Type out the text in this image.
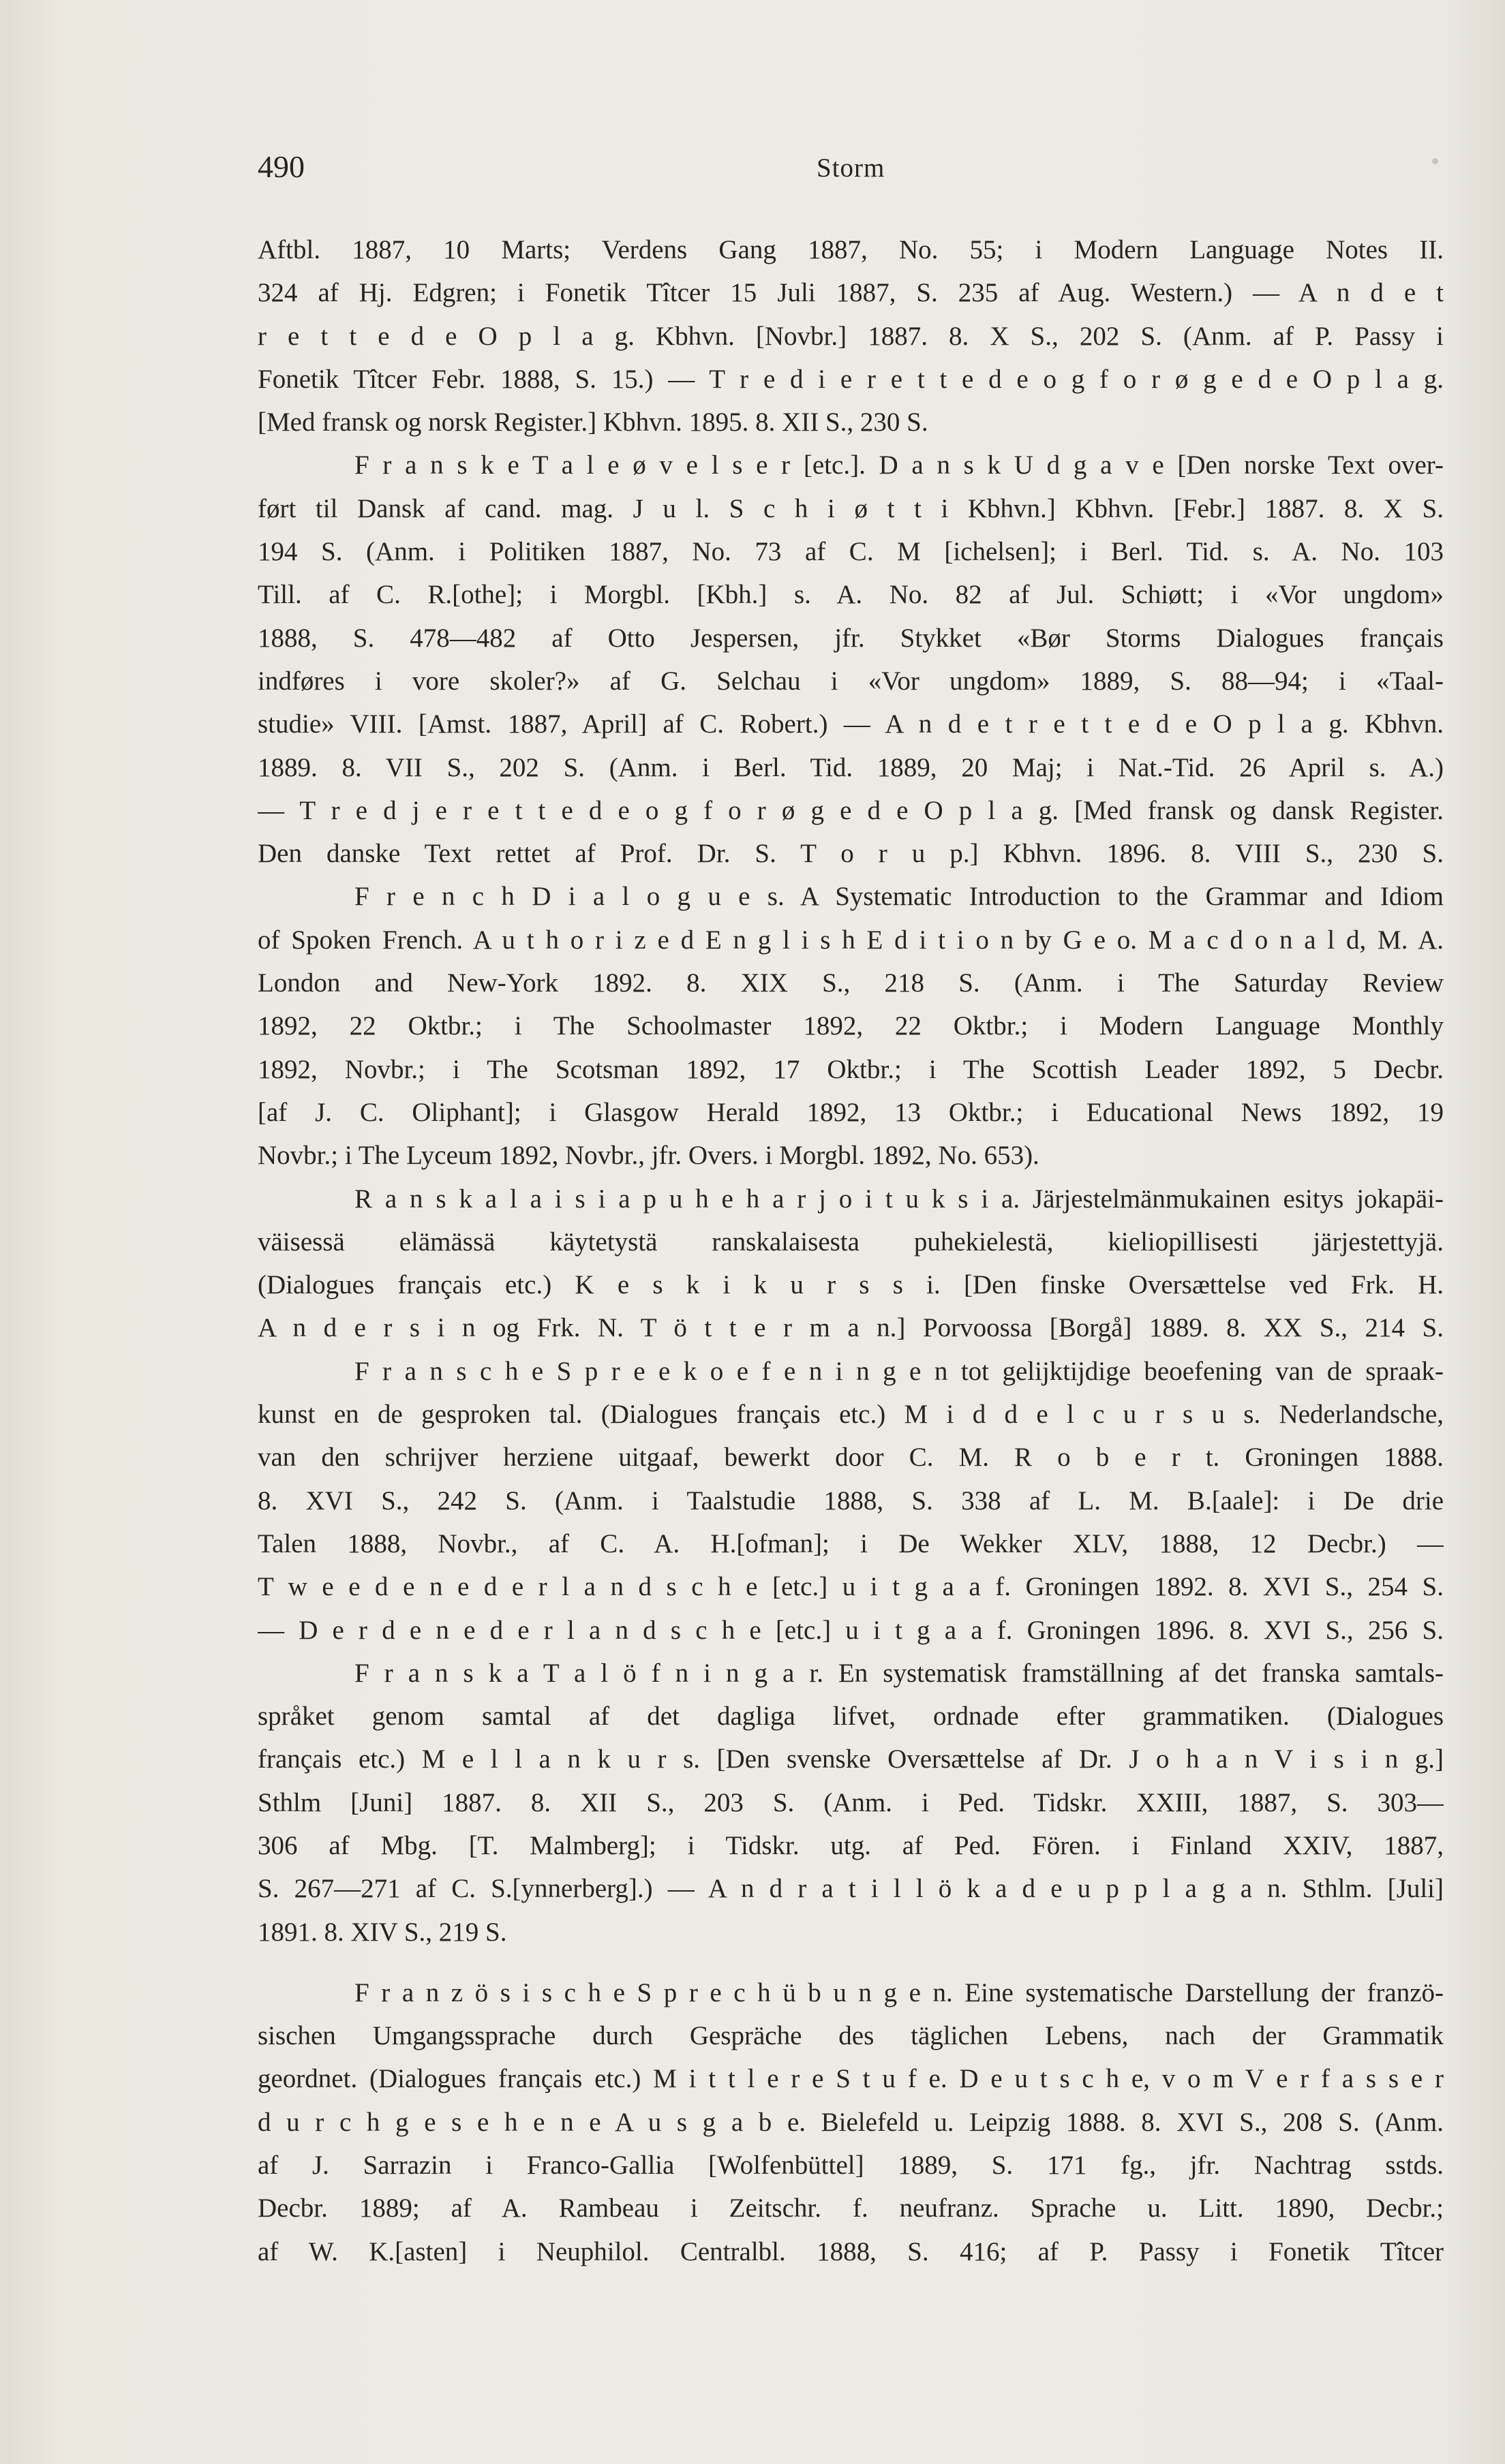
490	Storm
Aftbl. 1887, 10 Marts; Verdens Gang 1887, No. 55; i Modern Language Notes II.
324 af Hj. Edgren; i Fonetik Tîtcer 15 Juli 1887, S. 235 af Aug. Western.) — A n d e t
r e t t e d e O p l a g. Kbhvn. [Novbr.] 1887. 8. X S., 202 S. (Anm. af P. Passy i
Fonetik Tîtcer Febr. 1888, S. 15.) — T r e d i e r e t t e d e o g f o r ø g e d e O p l a g.
[Med fransk og norsk Register.] Kbhvn. 1895. 8. XII S., 230 S.
F r a n s k e T a l e ø v e l s e r [etc.]. D a n s k U d g a v e [Den norske Text over-
ført til Dansk af cand. mag. J u l. S c h i ø t t i Kbhvn.] Kbhvn. [Febr.] 1887. 8. X S.
194 S. (Anm. i Politiken 1887, No. 73 af C. M [ichelsen]; i Berl. Tid. s. A. No. 103
Till. af C. R.[othe]; i Morgbl. [Kbh.] s. A. No. 82 af Jul. Schiøtt; i «Vor ungdom»
1888, S. 478—482 af Otto Jespersen, jfr. Stykket «Bør Storms Dialogues français
indføres i vore skoler?» af G. Selchau i «Vor ungdom» 1889, S. 88—94; i «Taal-
studie» VIII. [Amst. 1887, April] af C. Robert.) — A n d e t r e t t e d e O p l a g. Kbhvn.
1889. 8. VII S., 202 S. (Anm. i Berl. Tid. 1889, 20 Maj; i Nat.-Tid. 26 April s. A.)
— T r e d j e r e t t e d e o g f o r ø g e d e O p l a g. [Med fransk og dansk Register.
Den danske Text rettet af Prof. Dr. S. T o r u p.] Kbhvn. 1896. 8. VIII S., 230 S.
F r e n c h D i a l o g u e s. A Systematic Introduction to the Grammar and Idiom
of Spoken French. A u t h o r i z e d E n g l i s h E d i t i o n by G e o. M a c d o n a l d, M. A.
London and New-York 1892. 8. XIX S., 218 S. (Anm. i The Saturday Review
1892, 22 Oktbr.; i The Schoolmaster 1892, 22 Oktbr.; i Modern Language Monthly
1892, Novbr.; i The Scotsman 1892, 17 Oktbr.; i The Scottish Leader 1892, 5 Decbr.
[af J. C. Oliphant]; i Glasgow Herald 1892, 13 Oktbr.; i Educational News 1892, 19
Novbr.; i The Lyceum 1892, Novbr., jfr. Overs. i Morgbl. 1892, No. 653).
R a n s k a l a i s i a p u h e h a r j o i t u k s i a. Järjestelmänmukainen esitys jokapäi-
väisessä elämässä käytetystä ranskalaisesta puhekielestä, kieliopillisesti järjestettyjä.
(Dialogues français etc.) K e s k i k u r s s i. [Den finske Oversættelse ved Frk. H.
A n d e r s i n og Frk. N. T ö t t e r m a n.] Porvoossa [Borgå] 1889. 8. XX S., 214 S.
F r a n s c h e S p r e e k o e f e n i n g e n tot gelijktijdige beoefening van de spraak-
kunst en de gesproken tal. (Dialogues français etc.) M i d d e l c u r s u s. Nederlandsche,
van den schrijver herziene uitgaaf, bewerkt door C. M. R o b e r t. Groningen 1888.
8. XVI S., 242 S. (Anm. i Taalstudie 1888, S. 338 af L. M. B.[aale]: i De drie
Talen 1888, Novbr., af C. A. H.[ofman]; i De Wekker XLV, 1888, 12 Decbr.) —
T w e e d e n e d e r l a n d s c h e [etc.] u i t g a a f. Groningen 1892. 8. XVI S., 254 S.
— D e r d e n e d e r l a n d s c h e [etc.] u i t g a a f. Groningen 1896. 8. XVI S., 256 S.
F r a n s k a T a l ö f n i n g a r. En systematisk framställning af det franska samtals-
språket genom samtal af det dagliga lifvet, ordnade efter grammatiken. (Dialogues
français etc.) M e l l a n k u r s. [Den svenske Oversættelse af Dr. J o h a n V i s i n g.]
Sthlm [Juni] 1887. 8. XII S., 203 S. (Anm. i Ped. Tidskr. XXIII, 1887, S. 303—
306 af Mbg. [T. Malmberg]; i Tidskr. utg. af Ped. Fören. i Finland XXIV, 1887,
S. 267—271 af C. S.[ynnerberg].) — A n d r a t i l l ö k a d e u p p l a g a n. Sthlm. [Juli]
1891. 8. XIV S., 219 S.
F r a n z ö s i s c h e S p r e c h ü b u n g e n. Eine systematische Darstellung der franzö-
sischen Umgangssprache durch Gespräche des täglichen Lebens, nach der Grammatik
geordnet. (Dialogues français etc.) M i t t l e r e S t u f e. D e u t s c h e, v o m V e r f a s s e r
d u r c h g e s e h e n e A u s g a b e. Bielefeld u. Leipzig 1888. 8. XVI S., 208 S. (Anm.
af J. Sarrazin i Franco-Gallia [Wolfenbüttel] 1889, S. 171 fg., jfr. Nachtrag sstds.
Decbr. 1889; af A. Rambeau i Zeitschr. f. neufranz. Sprache u. Litt. 1890, Decbr.;
af W. K.[asten] i Neuphilol. Centralbl. 1888, S. 416; af P. Passy i Fonetik Tîtcer
